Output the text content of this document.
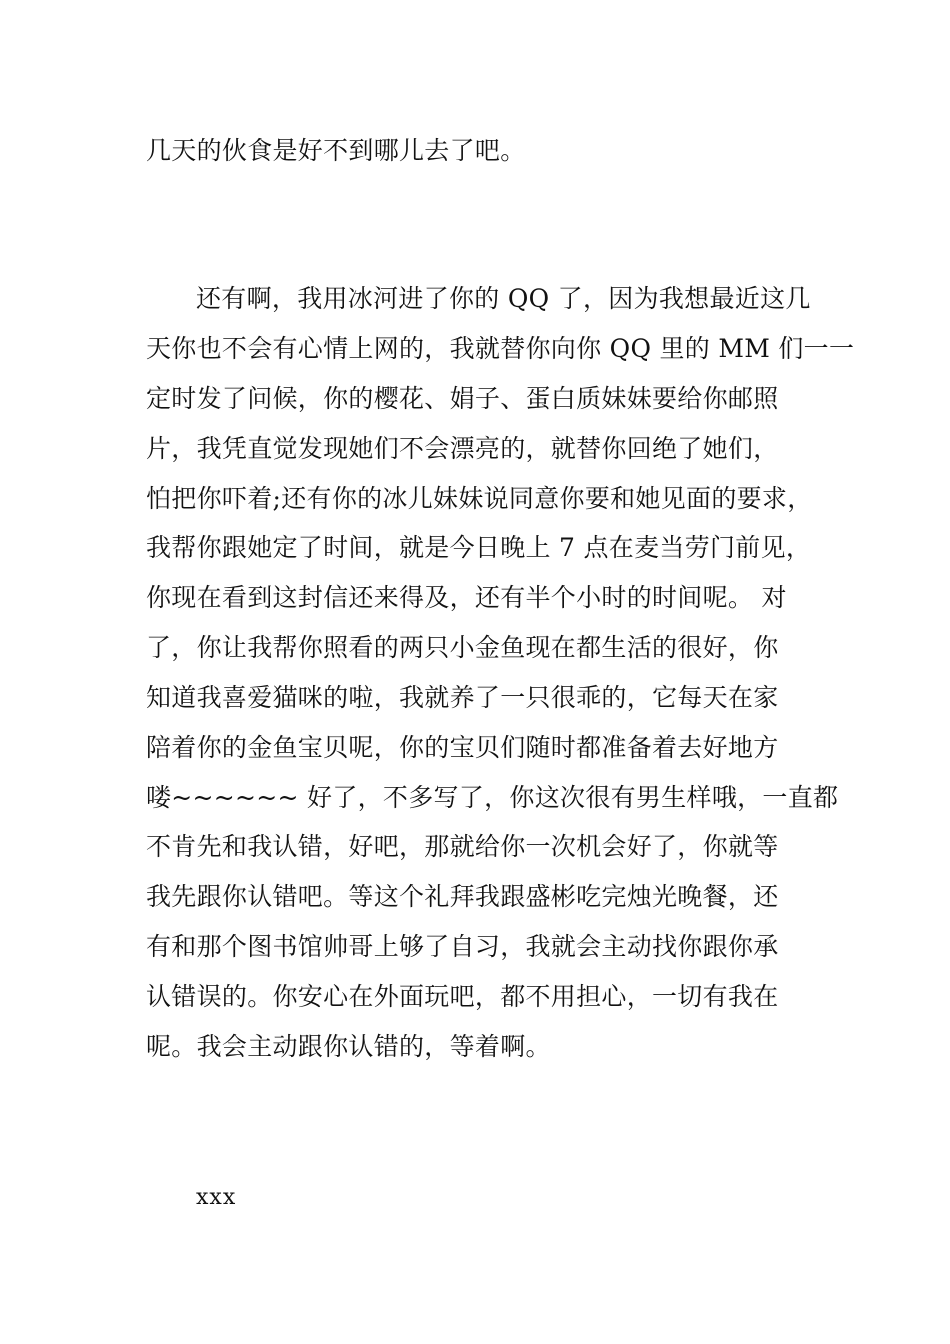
几天的伙食是好不到哪儿去了吧。
还有啊，我用冰河进了你的 QQ 了，因为我想最近这几
天你也不会有心情上网的，我就替你向你 QQ 里的 MM 们一一
定时发了问候，你的樱花、娟子、蛋白质妹妹要给你邮照
片，我凭直觉发现她们不会漂亮的，就替你回绝了她们，
怕把你吓着;还有你的冰儿妹妹说同意你要和她见面的要求，
我帮你跟她定了时间，就是今日晚上 7 点在麦当劳门前见，
你现在看到这封信还来得及，还有半个小时的时间呢。 对
了，你让我帮你照看的两只小金鱼现在都生活的很好，你
知道我喜爱猫咪的啦，我就养了一只很乖的，它每天在家
陪着你的金鱼宝贝呢，你的宝贝们随时都准备着去好地方
喽~~~~~~ 好了，不多写了，你这次很有男生样哦，一直都
不肯先和我认错，好吧，那就给你一次机会好了，你就等
我先跟你认错吧。等这个礼拜我跟盛彬吃完烛光晚餐，还
有和那个图书馆帅哥上够了自习，我就会主动找你跟你承
认错误的。你安心在外面玩吧，都不用担心，一切有我在
呢。我会主动跟你认错的，等着啊。
xxx
